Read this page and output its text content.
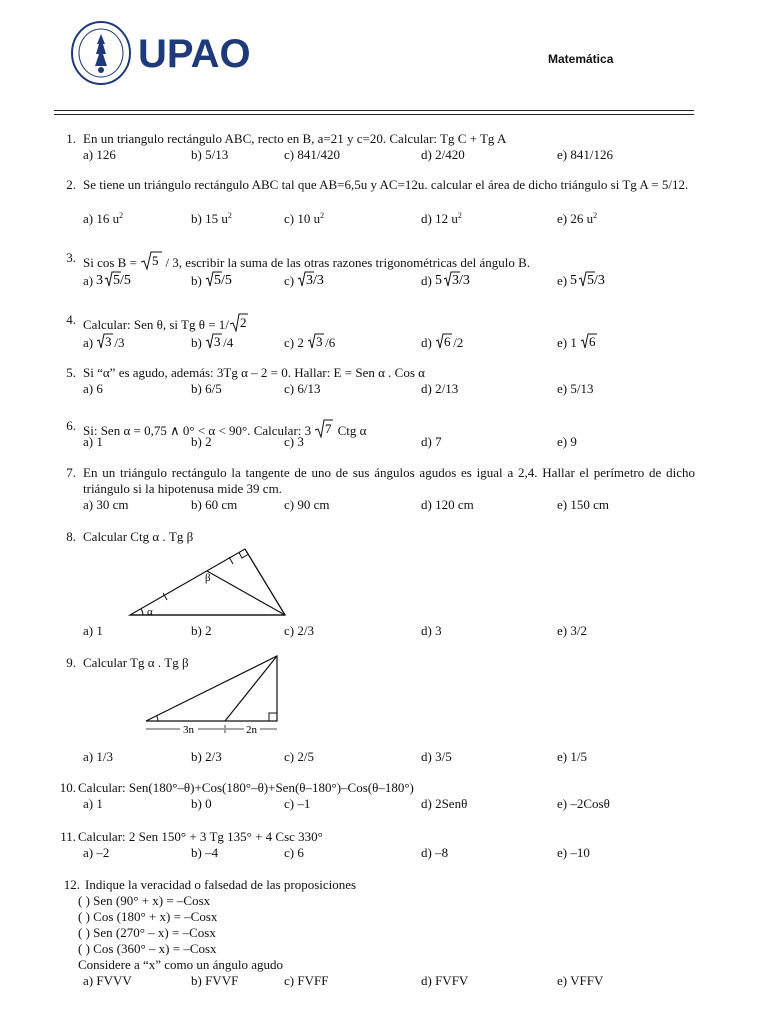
UPAO	Matemática
1. En un triangulo rectángulo ABC, recto en B, a=21 y c=20. Calcular: Tg C + Tg A
a) 126	b) 5/13	c) 841/420	d) 2/420	e) 841/126
2. Se tiene un triángulo rectángulo ABC tal que AB=6,5u y AC=12u. calcular el área de dicho triángulo si Tg A = 5/12.
a) 16 $u^2$	b) 15 $u^2$	c) 10 $u^2$	d) 12 $u^2$	e) 26 $u^2$
3. Si cos B = 5 / 3, escribir la suma de las otras razones trigonométricas del ángulo B.
a) 3 5/5	b) 5/5	c) 3/3	d) 5 3/3	e) 5 5/3
4. Calcular: Sen θ, si Tg θ = 1/ 2
a) 3 /3	b) 3 /4	c) 2 3 /6	d) 6 /2	e) 1 6
5. Si “α” es agudo, además: 3Tg α – 2 = 0. Hallar: E = Sen α . Cos α
a) 6	b) 6/5	c) 6/13	d) 2/13	e) 5/13
6. Si: Sen α = 0,75 ∧ 0° < α < 90°. Calcular: 3 7 Ctg α
a) 1	b) 2	c) 3	d) 7	e) 9
7. En un triángulo rectángulo la tangente de uno de sus ángulos agudos es igual a 2,4. Hallar el perímetro de dicho triángulo si la hipotenusa mide 39 cm.
a) 30 cm	b) 60 cm	c) 90 cm	d) 120 cm	e) 150 cm
8. Calcular Ctg α . Tg β
a) 1	b) 2	c) 2/3	d) 3	e) 3/2
α
β
9. Calcular Tg α . Tg β
a) 1/3	b) 2/3	c) 2/5	d) 3/5	e) 1/5
3n	2n
10. Calcular: Sen(180°–θ)+Cos(180°–θ)+Sen(θ–180°)–Cos(θ–180°)
a) 1	b) 0	c) –1	d) 2Senθ	e) –2Cosθ
11. Calcular: 2 Sen 150° + 3 Tg 135° + 4 Csc 330°
a) –2	b) –4	c) 6	d) –8	e) –10
12. Indique la veracidad o falsedad de las proposiciones
( ) Sen (90° + x) = –Cosx
( ) Cos (180° + x) = –Cosx
( ) Sen (270° – x) = –Cosx
( ) Cos (360° – x) = –Cosx
Considere a “x” como un ángulo agudo
a) FVVV	b) FVVF	c) FVFF	d) FVFV	e) VFFV
